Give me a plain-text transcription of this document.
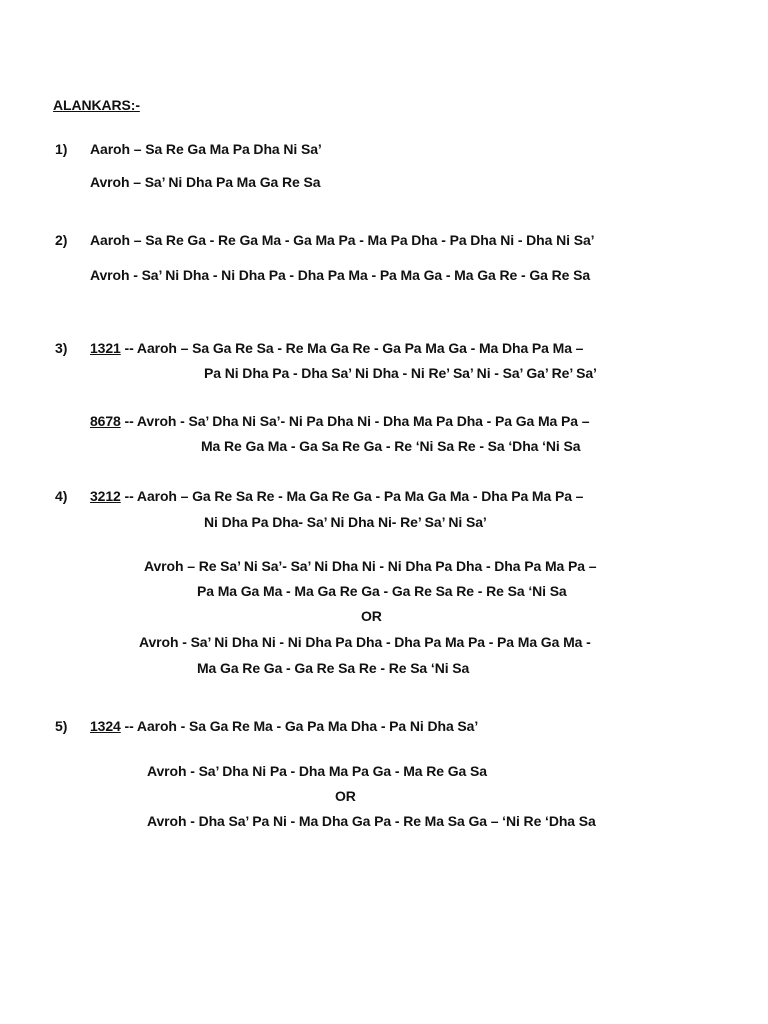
ALANKARS:-
1) Aaroh – Sa Re Ga Ma Pa Dha Ni Sa’
Avroh – Sa’ Ni Dha Pa Ma Ga Re Sa
2) Aaroh – Sa Re Ga - Re Ga Ma - Ga Ma Pa - Ma Pa Dha - Pa Dha Ni - Dha Ni Sa’
Avroh - Sa’ Ni Dha - Ni Dha Pa - Dha Pa Ma - Pa Ma Ga - Ma Ga Re - Ga Re Sa
3) 1321 -- Aaroh – Sa Ga Re Sa - Re Ma Ga Re - Ga Pa Ma Ga - Ma Dha Pa Ma –
Pa Ni Dha Pa - Dha Sa’ Ni Dha - Ni Re’ Sa’ Ni - Sa’ Ga’ Re’ Sa’
8678 -- Avroh - Sa’ Dha Ni Sa’- Ni Pa Dha Ni - Dha Ma Pa Dha - Pa Ga Ma Pa –
Ma Re Ga Ma - Ga Sa Re Ga - Re ‘Ni Sa Re - Sa ‘Dha ‘Ni Sa
4) 3212 -- Aaroh – Ga Re Sa Re - Ma Ga Re Ga - Pa Ma Ga Ma - Dha Pa Ma Pa –
Ni Dha Pa Dha- Sa’ Ni Dha Ni- Re’ Sa’ Ni Sa’
Avroh – Re Sa’ Ni Sa’- Sa’ Ni Dha Ni - Ni Dha Pa Dha - Dha Pa Ma Pa –
Pa Ma Ga Ma - Ma Ga Re Ga - Ga Re Sa Re - Re Sa ‘Ni Sa
OR
Avroh - Sa’ Ni Dha Ni - Ni Dha Pa Dha - Dha Pa Ma Pa - Pa Ma Ga Ma -
Ma Ga Re Ga - Ga Re Sa Re - Re Sa ‘Ni Sa
5) 1324 -- Aaroh - Sa Ga Re Ma - Ga Pa Ma Dha - Pa Ni Dha Sa’
Avroh - Sa’ Dha Ni Pa - Dha Ma Pa Ga - Ma Re Ga Sa
OR
Avroh - Dha Sa’ Pa Ni - Ma Dha Ga Pa - Re Ma Sa Ga – ‘Ni Re ‘Dha Sa
